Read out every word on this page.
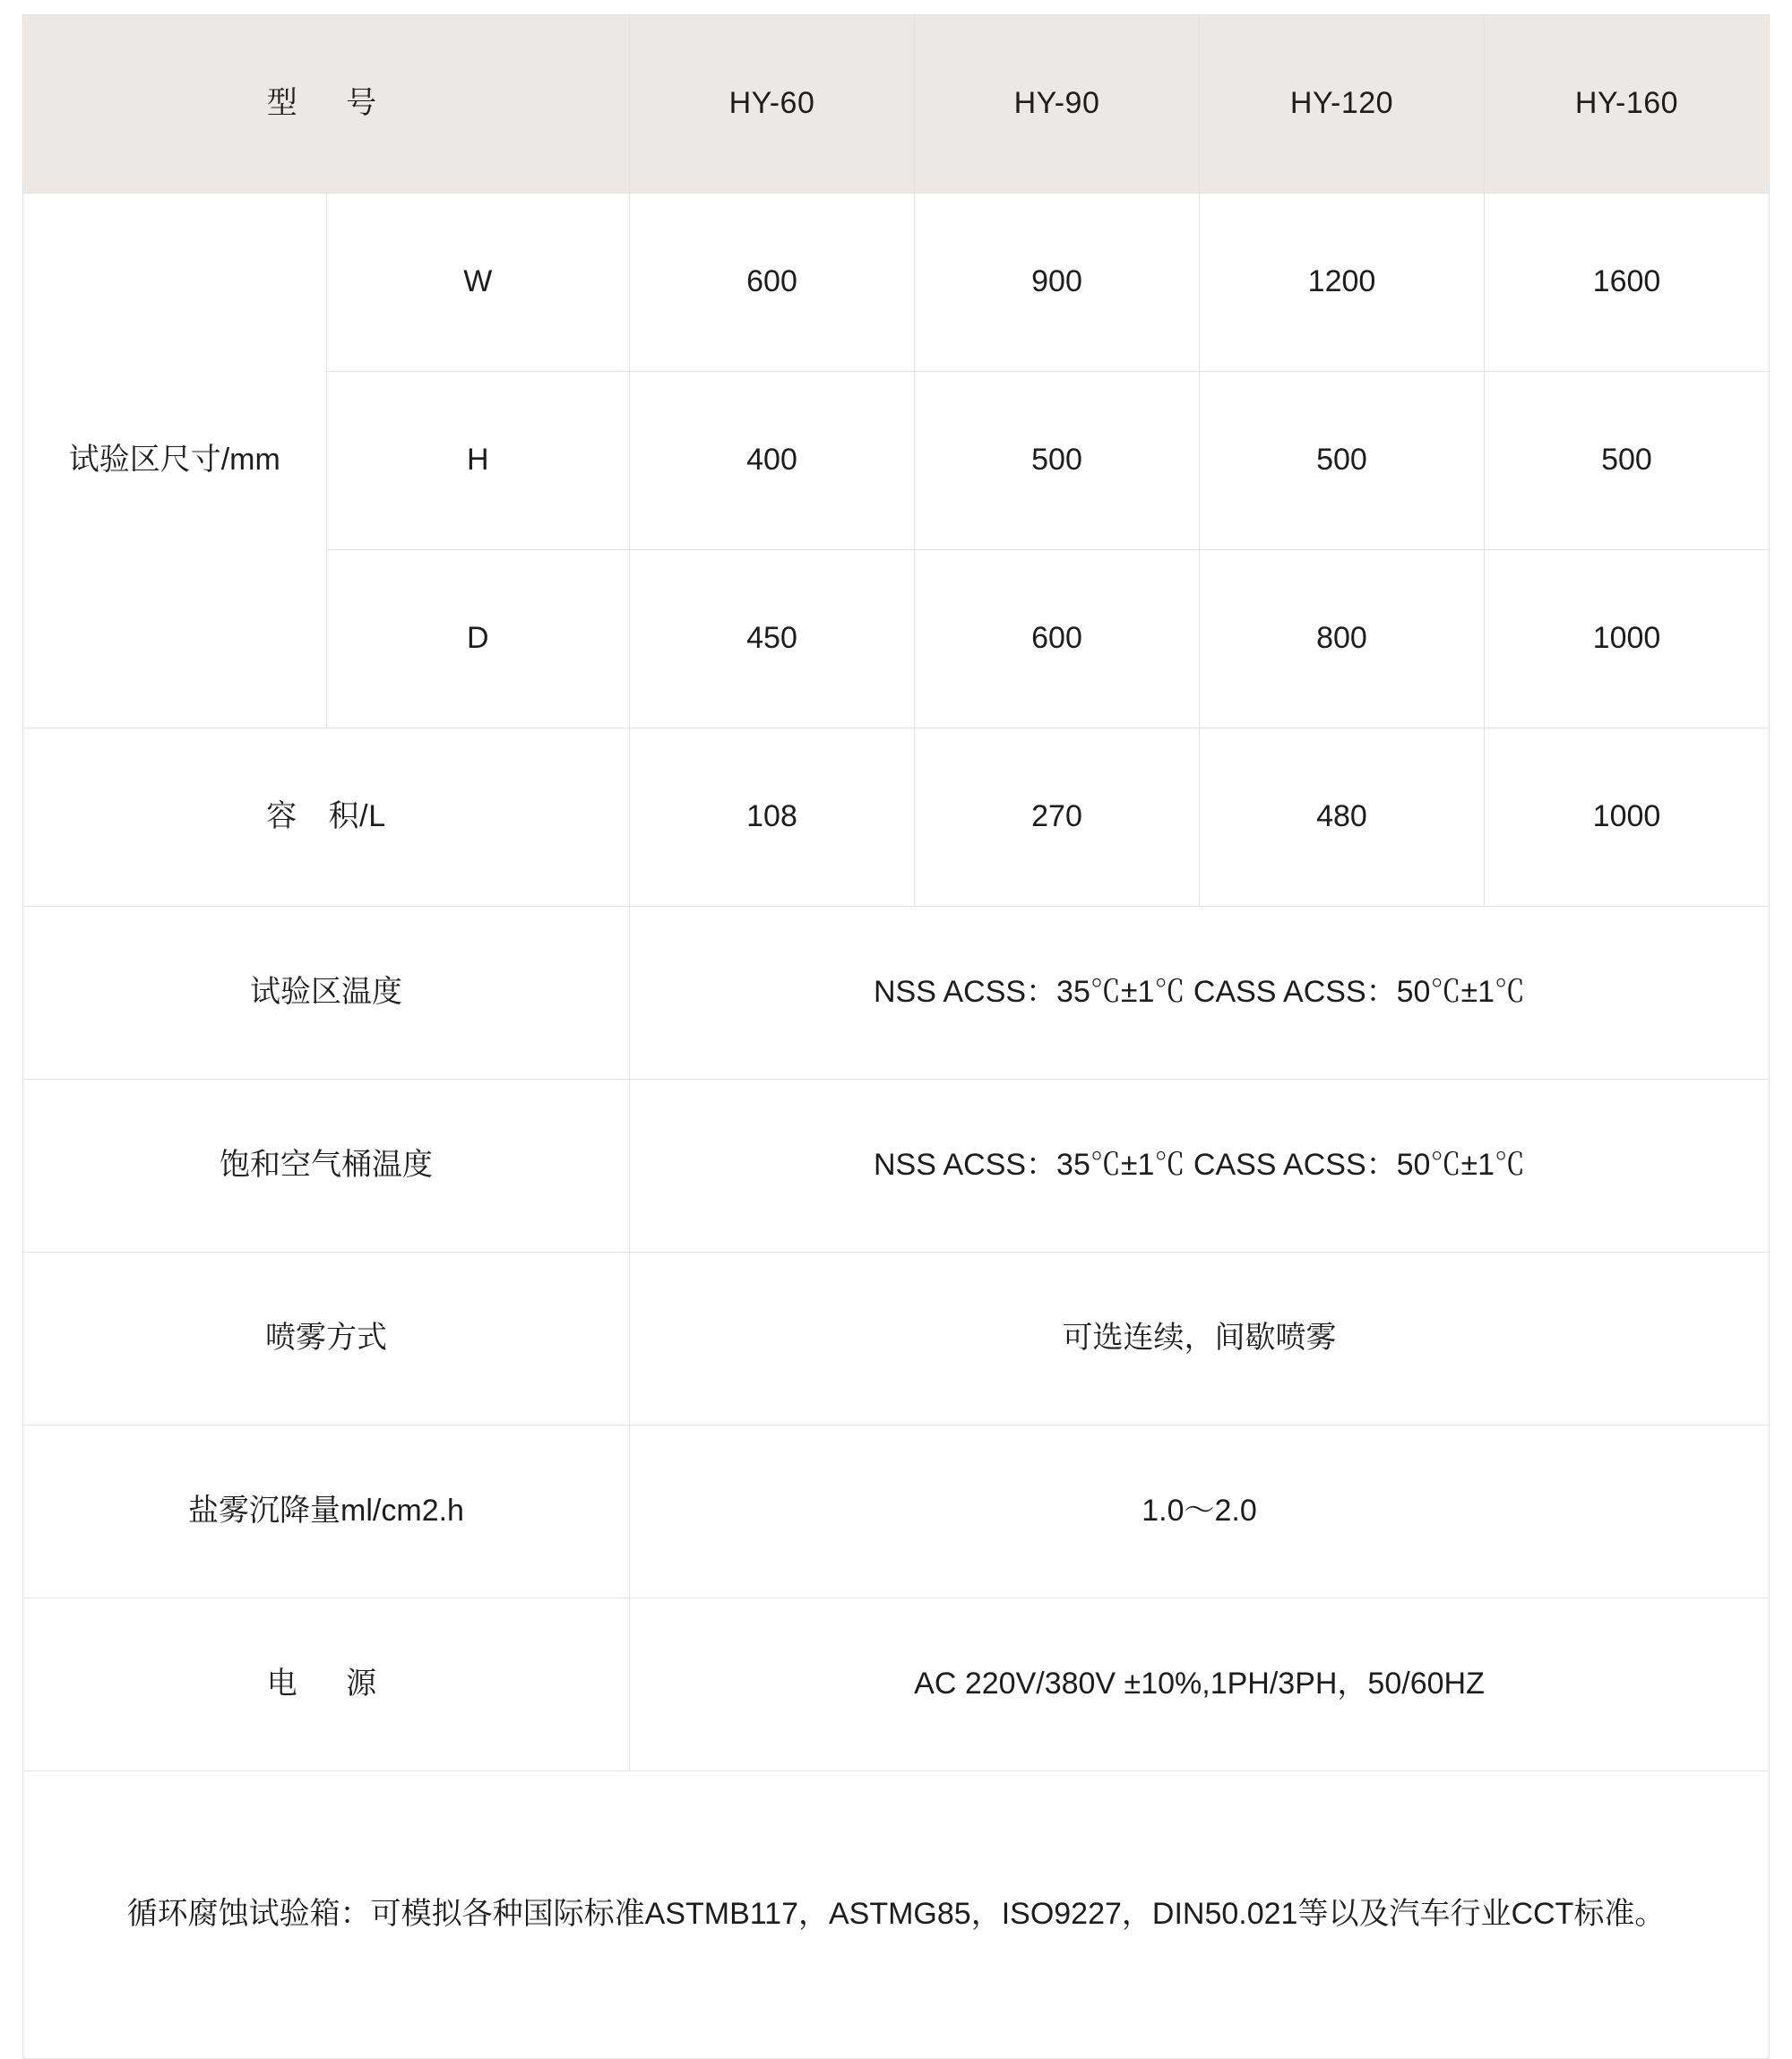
型　号		HY-60	HY-90	HY-120	HY-160
试验区尺寸/mm	W	600	900	1200	1600
	H	400	500	500	500
	D	450	600	800	1000
容　积/L		108	270	480	1000
试验区温度		NSS ACSS：35℃±1℃ CASS ACSS：50℃±1℃			
饱和空气桶温度		NSS ACSS：35℃±1℃ CASS ACSS：50℃±1℃			
喷雾方式		可选连续，间歇喷雾			
盐雾沉降量ml/cm2.h		1.0～2.0			
电　源		AC 220V/380V ±10%,1PH/3PH，50/60HZ			
循环腐蚀试验箱：可模拟各种国际标准ASTMB117，ASTMG85，ISO9227，DIN50.021等以及汽车行业CCT标准。					
